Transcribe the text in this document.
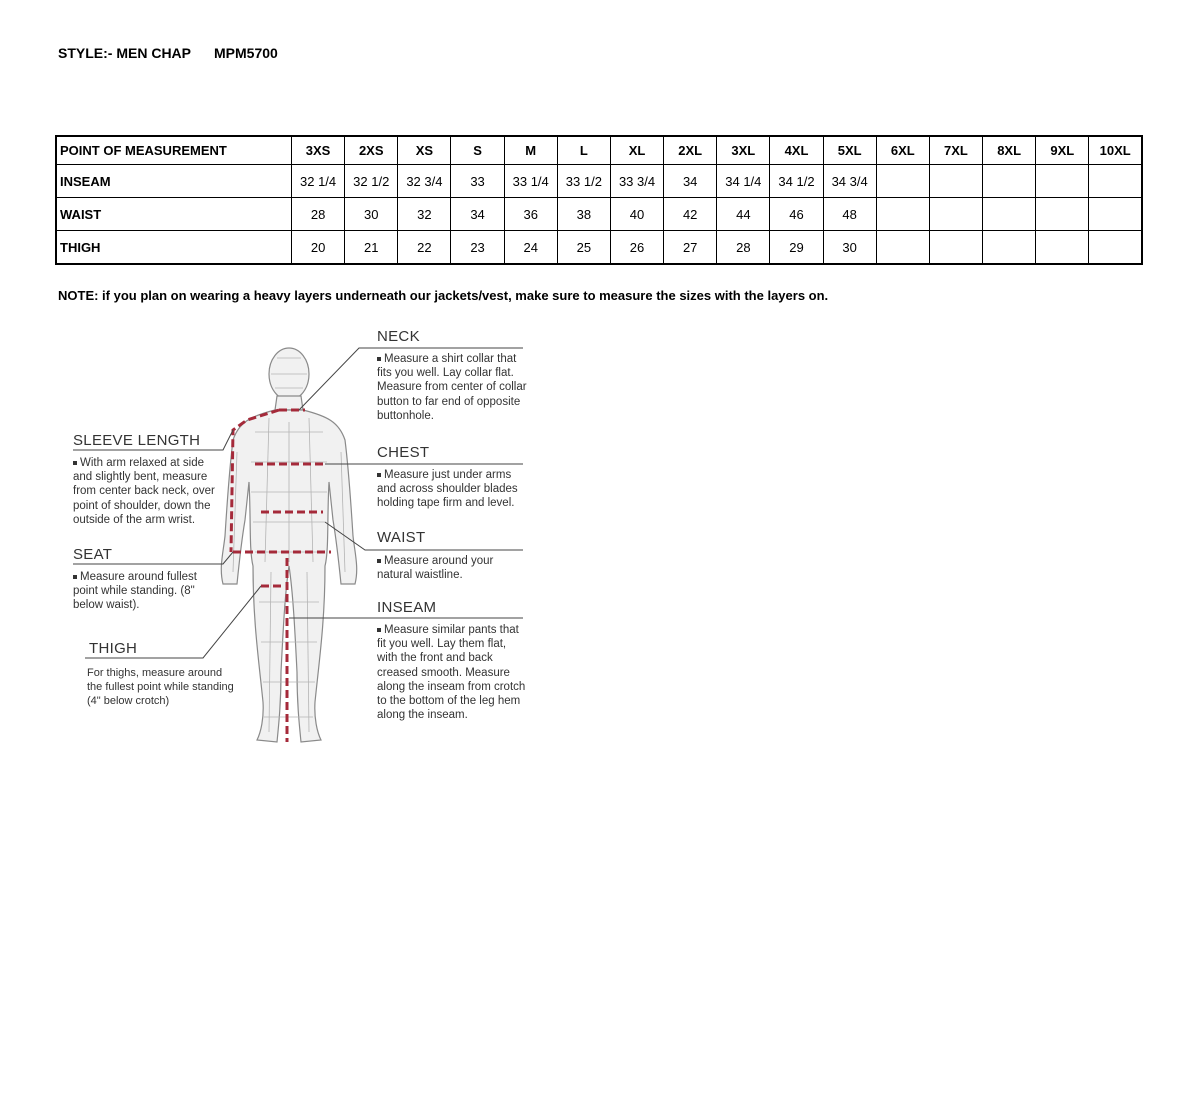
STYLE:- MEN CHAP MPM5700
POINT OF MEASUREMENT	3XS	2XS	XS	S	M	L	XL	2XL	3XL	4XL	5XL	6XL	7XL	8XL	9XL	10XL
INSEAM	32 1/4	32 1/2	32 3/4	33	33 1/4	33 1/2	33 3/4	34	34 1/4	34 1/2	34 3/4					
WAIST	28	30	32	34	36	38	40	42	44	46	48					
THIGH	20	21	22	23	24	25	26	27	28	29	30					
NOTE: if you plan on wearing a heavy layers underneath our jackets/vest, make sure to measure the sizes with the layers on.
NECK
Measure a shirt collar that fits you well. Lay collar flat. Measure from center of collar button to far end of opposite buttonhole.
CHEST
Measure just under arms and across shoulder blades holding tape firm and level.
WAIST
Measure around your natural waistline.
INSEAM
Measure similar pants that fit you well. Lay them flat, with the front and back creased smooth. Measure along the inseam from crotch to the bottom of the leg hem along the inseam.
SLEEVE LENGTH
With arm relaxed at side and slightly bent, measure from center back neck, over point of shoulder, down the outside of the arm wrist.
SEAT
Measure around fullest point while standing. (8" below waist).
THIGH
For thighs, measure around the fullest point while standing (4" below crotch)
